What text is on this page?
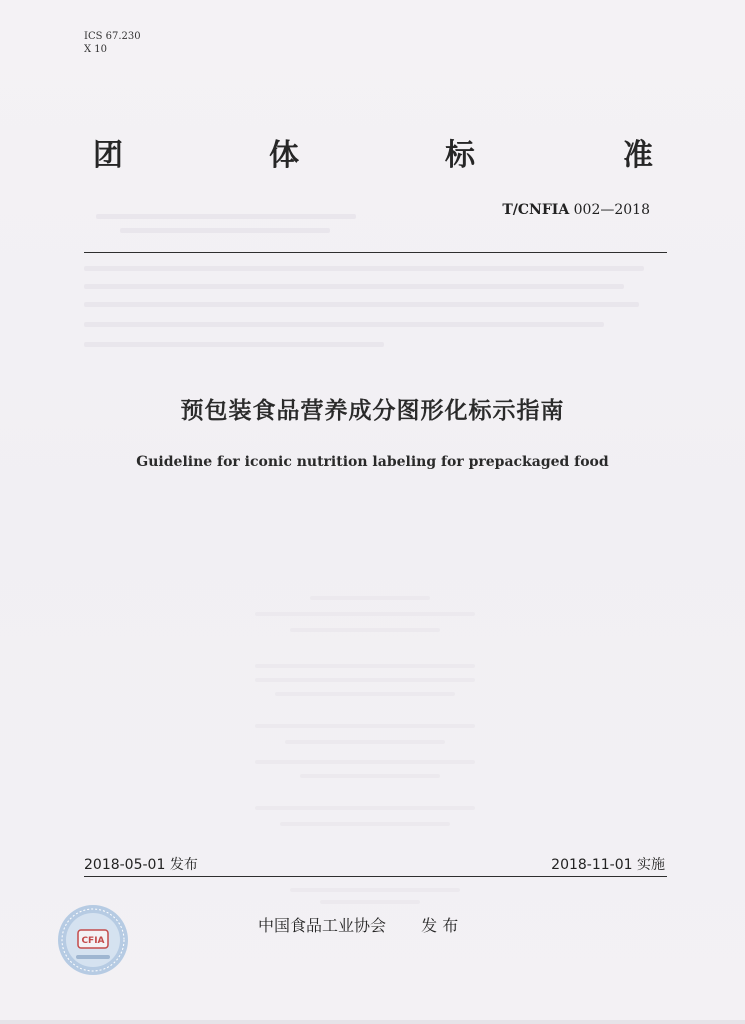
ICS 67.230
X 10
团	体	标	准
T/CNFIA 002—2018
预包装食品营养成分图形化标示指南
Guideline for iconic nutrition labeling for prepackaged food
2018-05-01 发布	2018-11-01 实施
中国食品工业协会 发 布
CFIA
